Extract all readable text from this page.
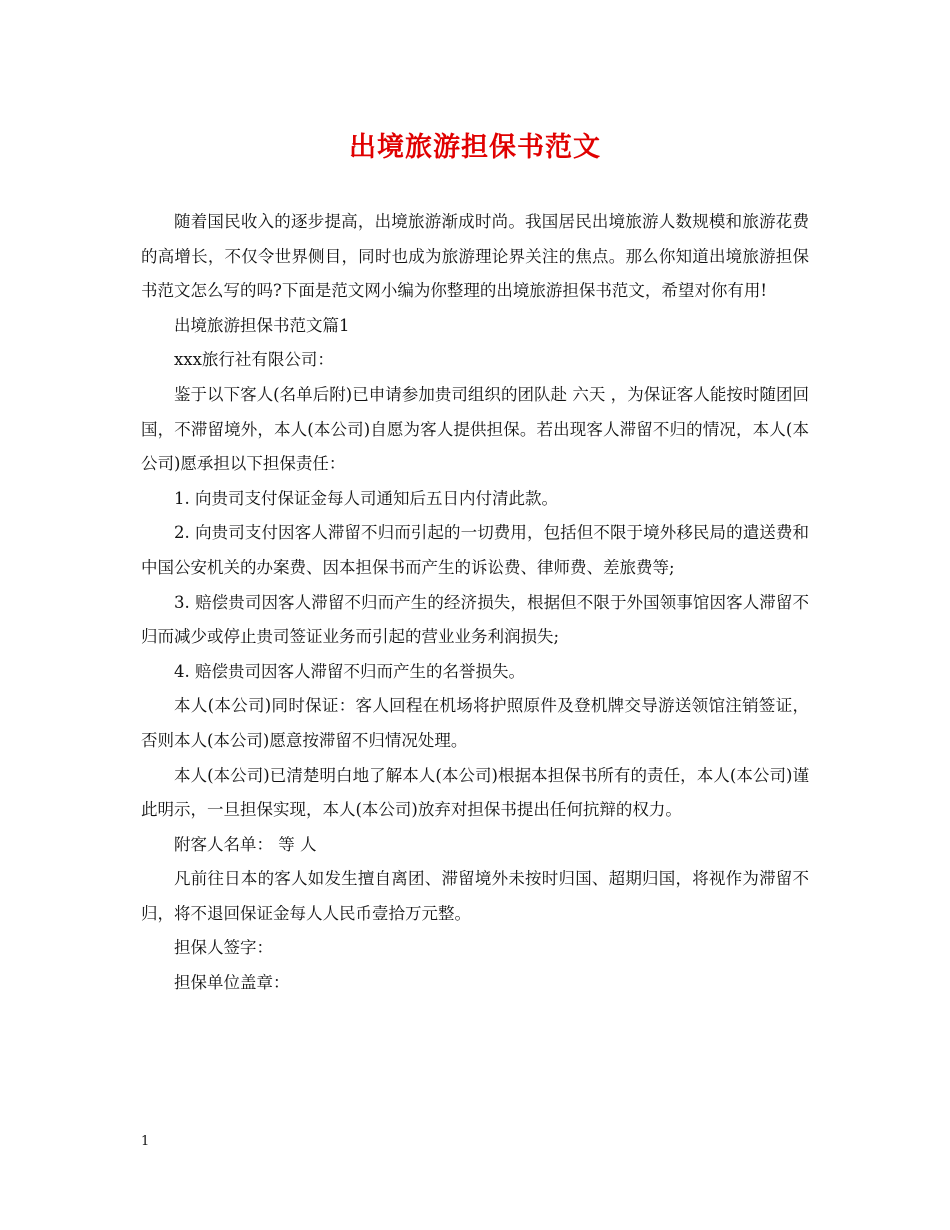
出境旅游担保书范文

随着国民收入的逐步提高，出境旅游渐成时尚。我国居民出境旅游人数规模和旅游花费的高增长，不仅令世界侧目，同时也成为旅游理论界关注的焦点。那么你知道出境旅游担保书范文怎么写的吗?下面是范文网小编为你整理的出境旅游担保书范文，希望对你有用!

出境旅游担保书范文篇1

xxx旅行社有限公司：

鉴于以下客人(名单后附)已申请参加贵司组织的团队赴 六天 ，为保证客人能按时随团回国，不滞留境外，本人(本公司)自愿为客人提供担保。若出现客人滞留不归的情况，本人(本公司)愿承担以下担保责任：

1. 向贵司支付保证金每人司通知后五日内付清此款。

2. 向贵司支付因客人滞留不归而引起的一切费用，包括但不限于境外移民局的遣送费和中国公安机关的办案费、因本担保书而产生的诉讼费、律师费、差旅费等;

3. 赔偿贵司因客人滞留不归而产生的经济损失，根据但不限于外国领事馆因客人滞留不归而减少或停止贵司签证业务而引起的营业业务利润损失;

4. 赔偿贵司因客人滞留不归而产生的名誉损失。

本人(本公司)同时保证：客人回程在机场将护照原件及登机牌交导游送领馆注销签证，否则本人(本公司)愿意按滞留不归情况处理。

本人(本公司)已清楚明白地了解本人(本公司)根据本担保书所有的责任，本人(本公司)谨此明示，一旦担保实现，本人(本公司)放弃对担保书提出任何抗辩的权力。

附客人名单： 等 人

凡前往日本的客人如发生擅自离团、滞留境外未按时归国、超期归国，将视作为滞留不归，将不退回保证金每人人民币壹拾万元整。

担保人签字：

担保单位盖章：

1
